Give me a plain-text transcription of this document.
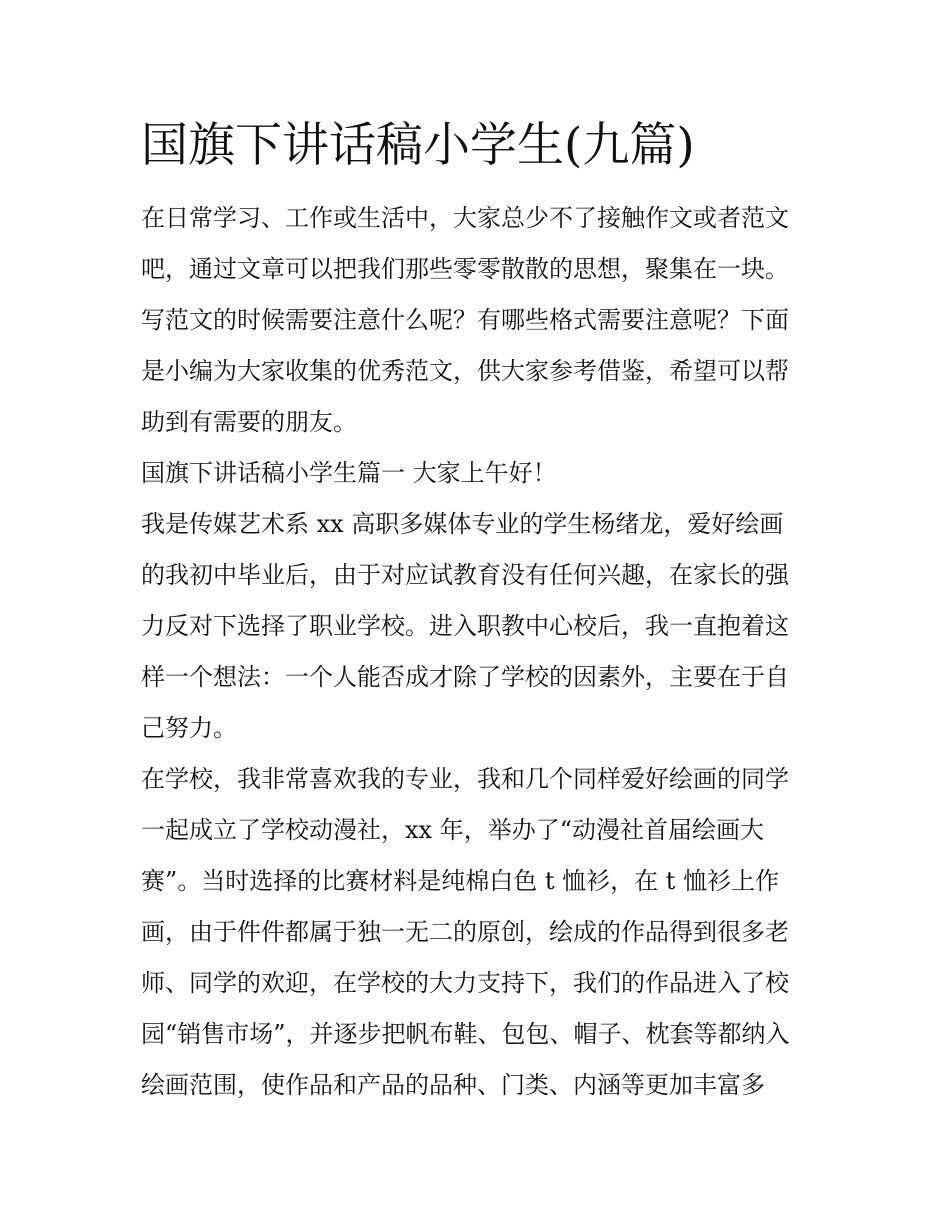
国旗下讲话稿小学生(九篇)
在日常学习、工作或生活中，大家总少不了接触作文或者范文
吧，通过文章可以把我们那些零零散散的思想，聚集在一块。
写范文的时候需要注意什么呢？有哪些格式需要注意呢？下面
是小编为大家收集的优秀范文，供大家参考借鉴，希望可以帮
助到有需要的朋友。
国旗下讲话稿小学生篇一 大家上午好！
我是传媒艺术系 xx 高职多媒体专业的学生杨绪龙，爱好绘画
的我初中毕业后，由于对应试教育没有任何兴趣，在家长的强
力反对下选择了职业学校。进入职教中心校后，我一直抱着这
样一个想法：一个人能否成才除了学校的因素外，主要在于自
己努力。
在学校，我非常喜欢我的专业，我和几个同样爱好绘画的同学
一起成立了学校动漫社，xx 年，举办了“动漫社首届绘画大
赛”。当时选择的比赛材料是纯棉白色 t 恤衫，在 t 恤衫上作
画，由于件件都属于独一无二的原创，绘成的作品得到很多老
师、同学的欢迎，在学校的大力支持下，我们的作品进入了校
园“销售市场”，并逐步把帆布鞋、包包、帽子、枕套等都纳入
绘画范围，使作品和产品的品种、门类、内涵等更加丰富多
